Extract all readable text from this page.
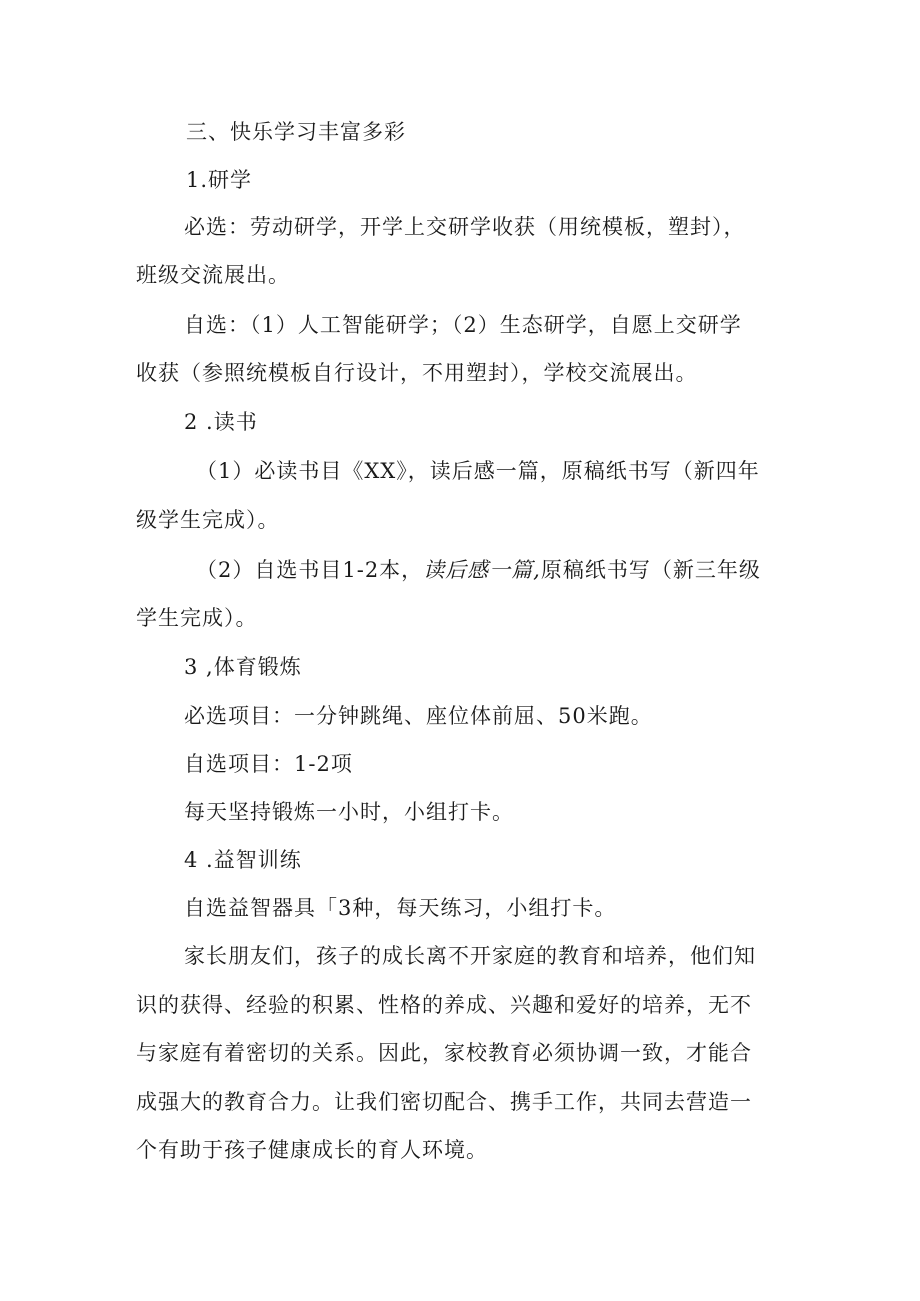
三、快乐学习丰富多彩
1.研学
必选：劳动研学，开学上交研学收获（用统模板，塑封），
班级交流展出。
自选：（1）人工智能研学；（2）生态研学，自愿上交研学
收获（参照统模板自行设计，不用塑封），学校交流展出。
2 .读书
（1）必读书目《XX》，读后感一篇，原稿纸书写（新四年
级学生完成）。
（2）自选书目1-2本，读后感一篇,原稿纸书写（新三年级
学生完成）。
3 ,体育锻炼
必选项目：一分钟跳绳、座位体前屈、50米跑。
自选项目：1-2项
每天坚持锻炼一小时，小组打卡。
4 .益智训练
自选益智器具「3种，每天练习，小组打卡。
家长朋友们，孩子的成长离不开家庭的教育和培养，他们知
识的获得、经验的积累、性格的养成、兴趣和爱好的培养，无不
与家庭有着密切的关系。因此，家校教育必须协调一致，才能合
成强大的教育合力。让我们密切配合、携手工作，共同去营造一
个有助于孩子健康成长的育人环境。
